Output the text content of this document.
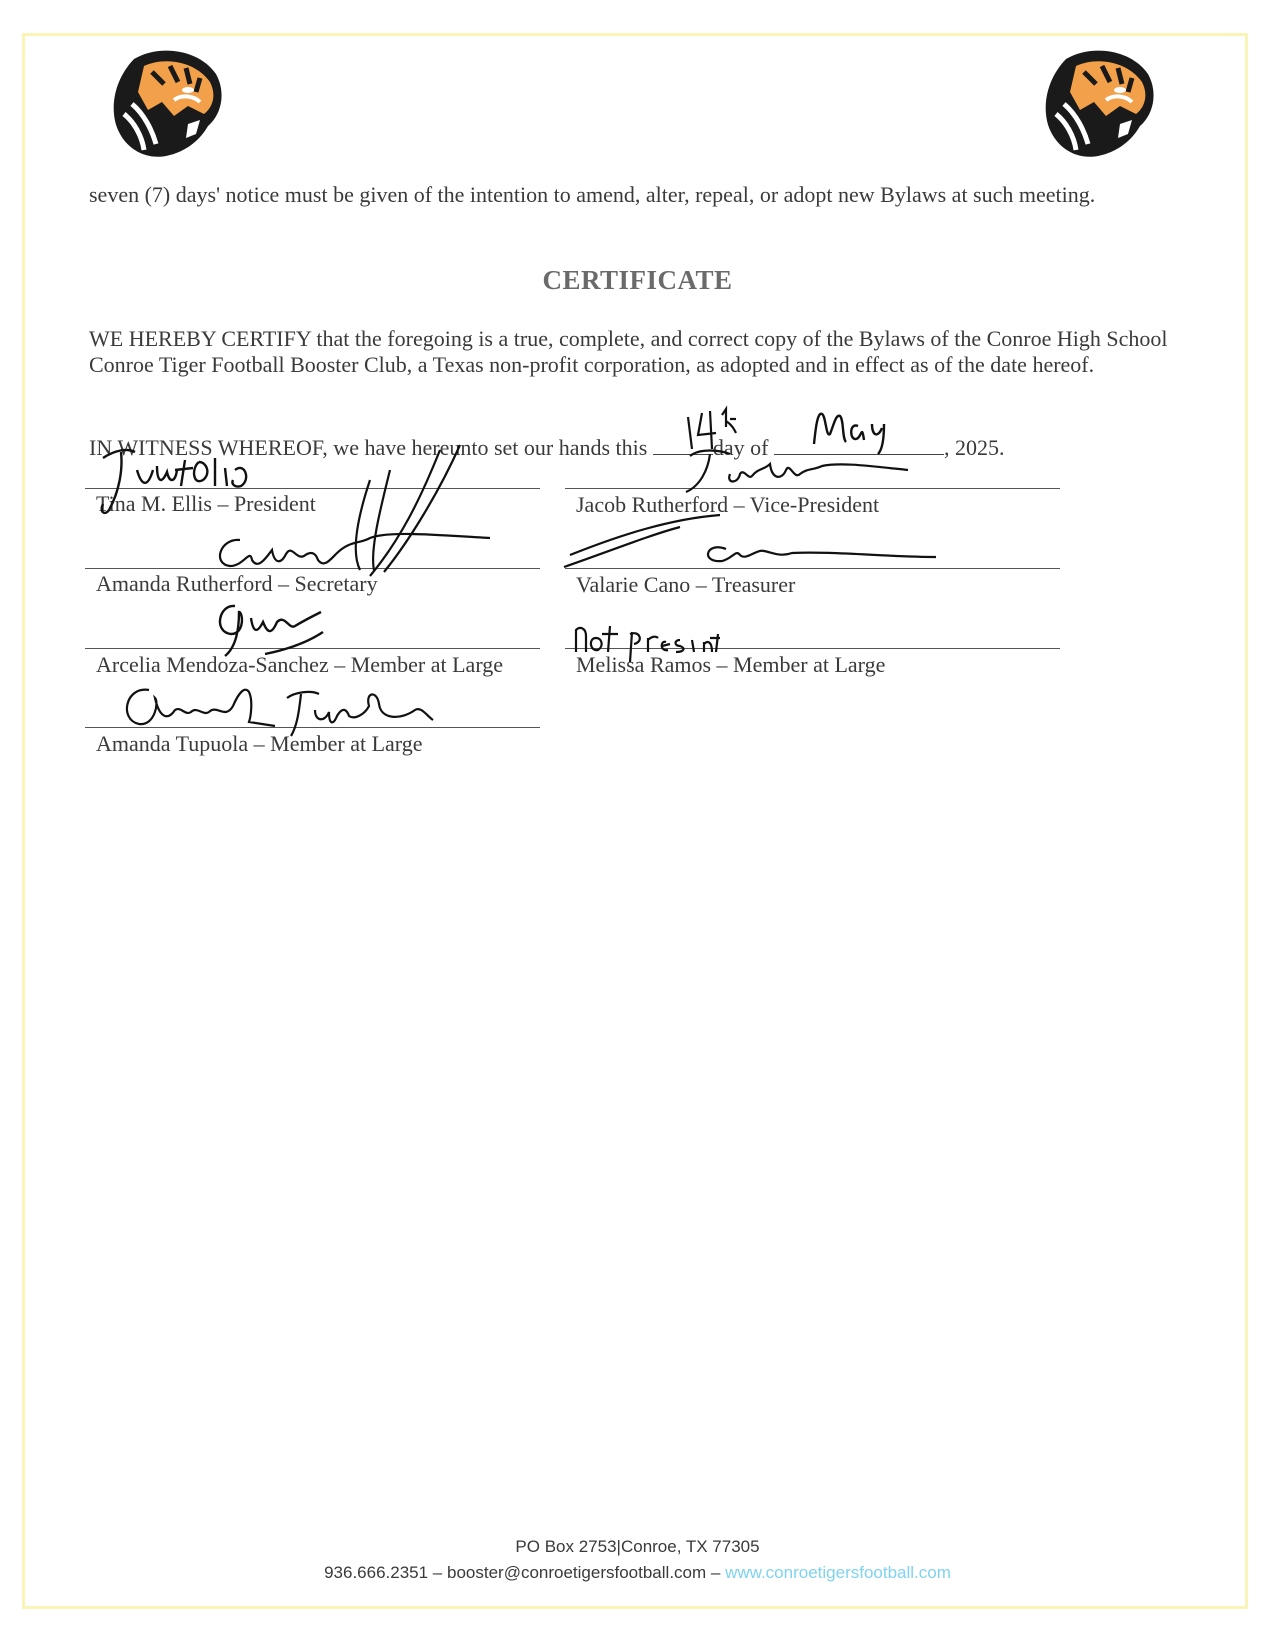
seven (7) days' notice must be given of the intention to amend, alter, repeal, or adopt new Bylaws at such meeting.
CERTIFICATE
WE HEREBY CERTIFY that the foregoing is a true, complete, and correct copy of the Bylaws of the Conroe High School Conroe Tiger Football Booster Club, a Texas non-profit corporation, as adopted and in effect as of the date hereof.
IN WITNESS WHEREOF, we have hereunto set our hands this	day of	, 2025.
Tina M. Ellis – President	Jacob Rutherford – Vice-President
Amanda Rutherford – Secretary	Valarie Cano – Treasurer
Arcelia Mendoza-Sanchez – Member at Large	Melissa Ramos – Member at Large
Amanda Tupuola – Member at Large
PO Box 2753|Conroe, TX 77305
936.666.2351 – booster@conroetigersfootball.com – www.conroetigersfootball.com
